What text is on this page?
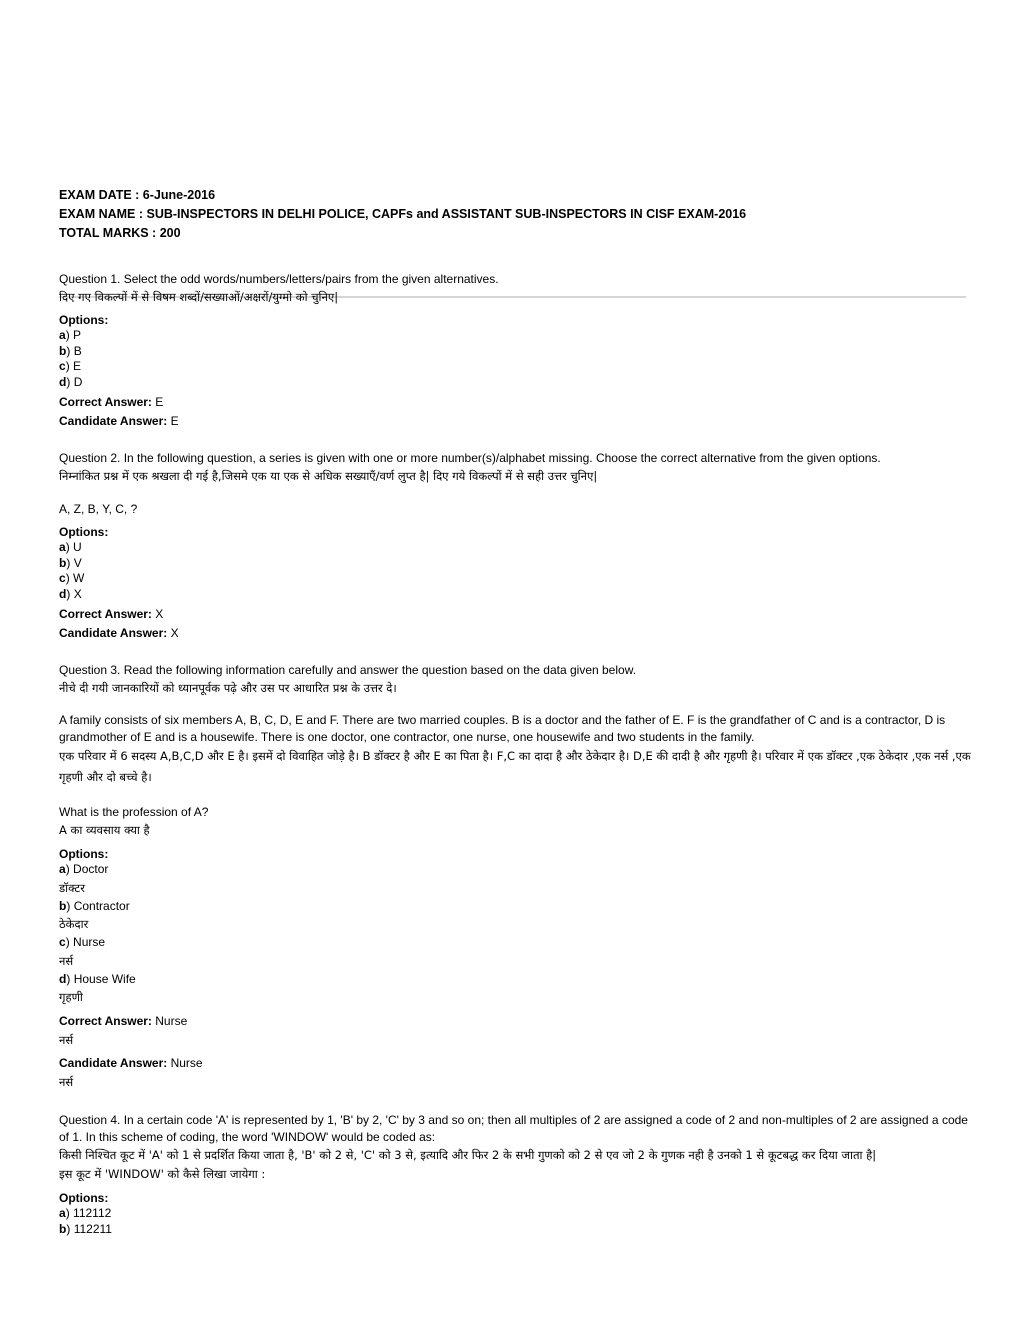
EXAM DATE : 6-June-2016
EXAM NAME : SUB-INSPECTORS IN DELHI POLICE, CAPFs and ASSISTANT SUB-INSPECTORS IN CISF EXAM-2016
TOTAL MARKS : 200
Question 1. Select the odd words/numbers/letters/pairs from the given alternatives.
दिए गए विकल्पों में से विषम शब्दों/सख्याओं/अक्षरों/युग्मो को चुनिए|
Options:
a) P
b) B
c) E
d) D
Correct Answer: E
Candidate Answer: E
Question 2. In the following question, a series is given with one or more number(s)/alphabet missing. Choose the correct alternative from the given options.
निम्नांकित प्रश्न में एक श्रखला दी गई है,जिसमे एक या एक से अधिक सख्याएँ/वर्ण लुप्त है| दिए गये विकल्पों में से सही उत्तर चुनिए|
A, Z, B, Y, C, ?
Options:
a) U
b) V
c) W
d) X
Correct Answer: X
Candidate Answer: X
Question 3. Read the following information carefully and answer the question based on the data given below.
नीचे दी गयी जानकारियों को ध्यानपूर्वक पढ़े और उस पर आधारित प्रश्न के उत्तर दे।
A family consists of six members A, B, C, D, E and F. There are two married couples. B is a doctor and the father of E. F is the grandfather of C and is a contractor, D is grandmother of E and is a housewife. There is one doctor, one contractor, one nurse, one housewife and two students in the family.
एक परिवार में 6 सदस्य A,B,C,D और E है। इसमें दो विवाहित जोड़े है। B डॉक्टर है और E का पिता है। F,C का दादा है और ठेकेदार है। D,E की दादी है और गृहणी है। परिवार में एक डॉक्टर ,एक ठेकेदार ,एक नर्स ,एक गृहणी और दो बच्चे है।
What is the profession of A?
A का व्यवसाय क्या है
Options:
a) Doctor
डॉक्टर
b) Contractor
ठेकेदार
c) Nurse
नर्स
d) House Wife
गृहणी
Correct Answer: Nurse
नर्स
Candidate Answer: Nurse
नर्स
Question 4. In a certain code 'A' is represented by 1, 'B' by 2, 'C' by 3 and so on; then all multiples of 2 are assigned a code of 2 and non-multiples of 2 are assigned a code of 1. In this scheme of coding, the word 'WINDOW' would be coded as:
किसी निश्चित कूट में 'A' को 1 से प्रदर्शित किया जाता है, 'B' को 2 से, 'C' को 3 से, इत्यादि और फिर 2 के सभी गुणको को 2 से एव जो 2 के गुणक नही है उनको 1 से कूटबद्ध कर दिया जाता है|
इस कूट में 'WINDOW' को कैसे लिखा जायेगा :
Options:
a) 112112
b) 112211
